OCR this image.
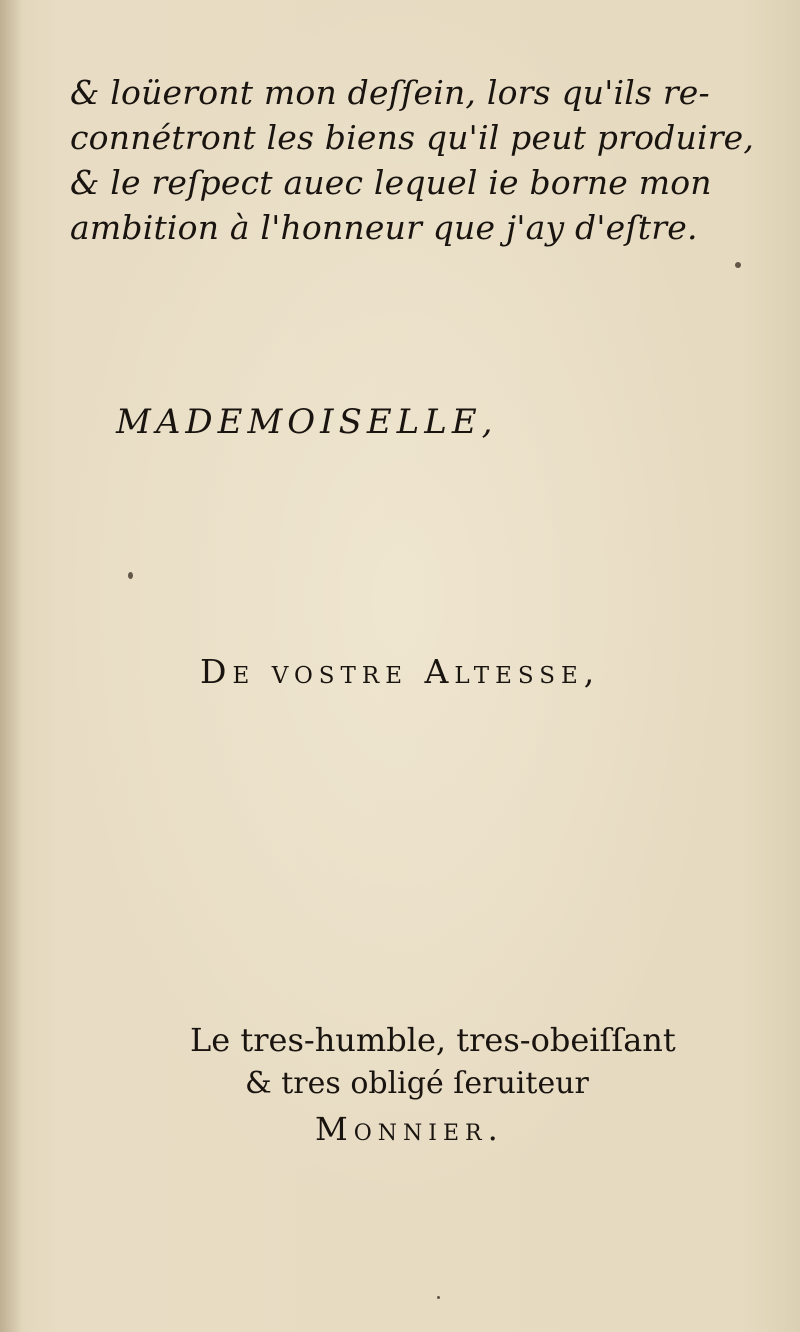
& loüeront mon deſſein, lors qu'ils re-
connétront les biens qu'il peut produire,
& le reſpect auec lequel ie borne mon
ambition à l'honneur que j'ay d'eſtre.
MADEMOISELLE,
De vostre Altesse,
Le tres-humble, tres-obeiſſant
& tres obligé ſeruiteur
Monnier.
